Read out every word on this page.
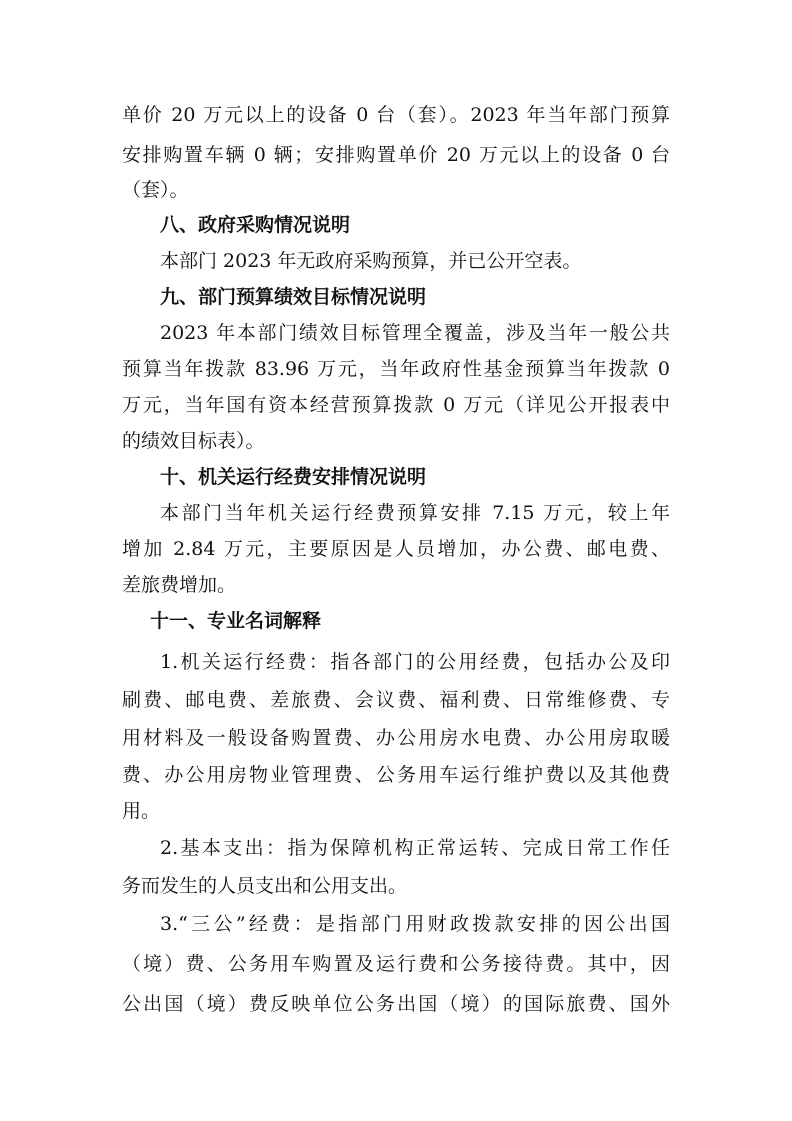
单价 20 万元以上的设备 0 台（套）。2023 年当年部门预算
安排购置车辆 0 辆；安排购置单价 20 万元以上的设备 0 台
（套）。
八、政府采购情况说明
本部门 2023 年无政府采购预算，并已公开空表。
九、部门预算绩效目标情况说明
2023 年本部门绩效目标管理全覆盖，涉及当年一般公共
预算当年拨款 83.96 万元，当年政府性基金预算当年拨款 0
万元，当年国有资本经营预算拨款 0 万元（详见公开报表中
的绩效目标表）。
十、机关运行经费安排情况说明
本部门当年机关运行经费预算安排 7.15 万元，较上年
增加 2.84 万元，主要原因是人员增加，办公费、邮电费、
差旅费增加。
十一、专业名词解释
1.机关运行经费：指各部门的公用经费，包括办公及印
刷费、邮电费、差旅费、会议费、福利费、日常维修费、专
用材料及一般设备购置费、办公用房水电费、办公用房取暖
费、办公用房物业管理费、公务用车运行维护费以及其他费
用。
2.基本支出：指为保障机构正常运转、完成日常工作任
务而发生的人员支出和公用支出。
3.“三公”经费：是指部门用财政拨款安排的因公出国
（境）费、公务用车购置及运行费和公务接待费。其中，因
公出国（境）费反映单位公务出国（境）的国际旅费、国外
